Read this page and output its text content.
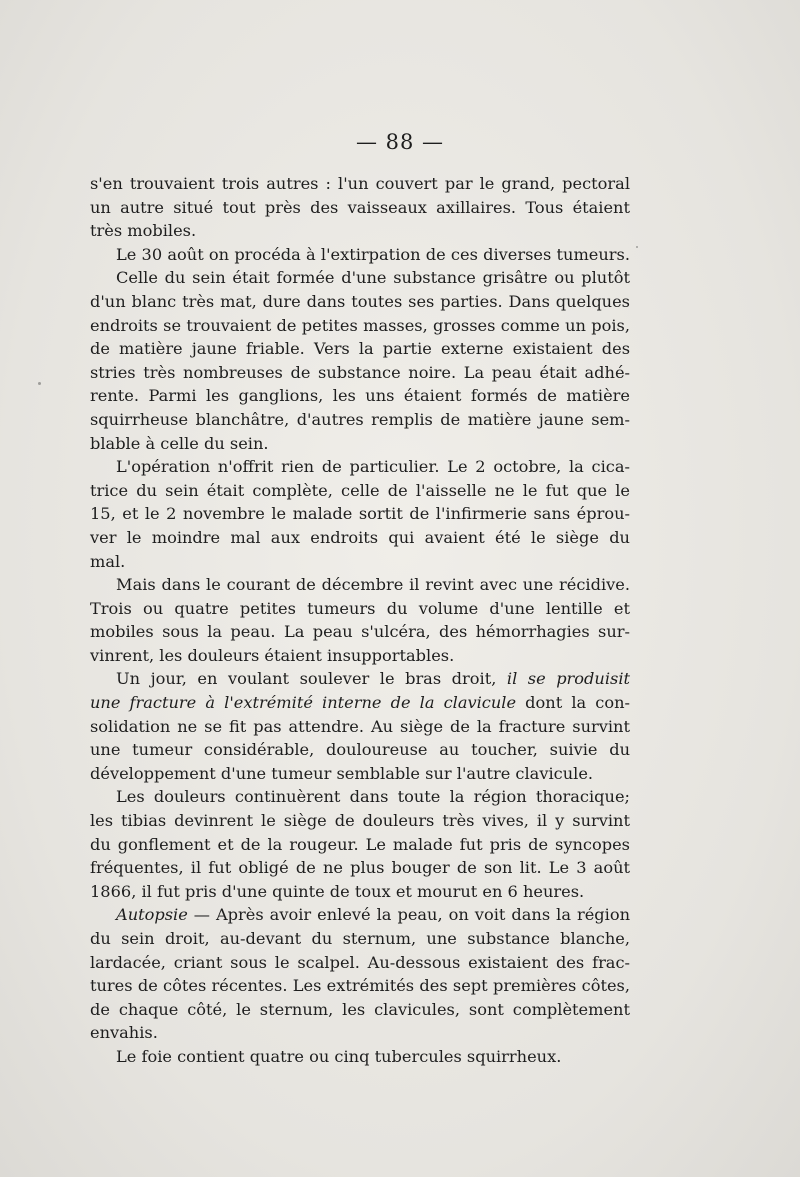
— 88 —
s'en trouvaient trois autres : l'un couvert par le grand, pectoral
un autre situé tout près des vaisseaux axillaires. Tous étaient
très mobiles.
Le 30 août on procéda à l'extirpation de ces diverses tumeurs.
Celle du sein était formée d'une substance grisâtre ou plutôt
d'un blanc très mat, dure dans toutes ses parties. Dans quelques
endroits se trouvaient de petites masses, grosses comme un pois,
de matière jaune friable. Vers la partie externe existaient des
stries très nombreuses de substance noire. La peau était adhé-
rente. Parmi les ganglions, les uns étaient formés de matière
squirrheuse blanchâtre, d'autres remplis de matière jaune sem-
blable à celle du sein.
L'opération n'offrit rien de particulier. Le 2 octobre, la cica-
trice du sein était complète, celle de l'aisselle ne le fut que le
15, et le 2 novembre le malade sortit de l'infirmerie sans éprou-
ver le moindre mal aux endroits qui avaient été le siège du
mal.
Mais dans le courant de décembre il revint avec une récidive.
Trois ou quatre petites tumeurs du volume d'une lentille et
mobiles sous la peau. La peau s'ulcéra, des hémorrhagies sur-
vinrent, les douleurs étaient insupportables.
Un jour, en voulant soulever le bras droit, il se produisit
une fracture à l'extrémité interne de la clavicule dont la con-
solidation ne se fit pas attendre. Au siège de la fracture survint
une tumeur considérable, douloureuse au toucher, suivie du
développement d'une tumeur semblable sur l'autre clavicule.
Les douleurs continuèrent dans toute la région thoracique;
les tibias devinrent le siège de douleurs très vives, il y survint
du gonflement et de la rougeur. Le malade fut pris de syncopes
fréquentes, il fut obligé de ne plus bouger de son lit. Le 3 août
1866, il fut pris d'une quinte de toux et mourut en 6 heures.
Autopsie — Après avoir enlevé la peau, on voit dans la région
du sein droit, au-devant du sternum, une substance blanche,
lardacée, criant sous le scalpel. Au-dessous existaient des frac-
tures de côtes récentes. Les extrémités des sept premières côtes,
de chaque côté, le sternum, les clavicules, sont complètement
envahis.
Le foie contient quatre ou cinq tubercules squirrheux.
